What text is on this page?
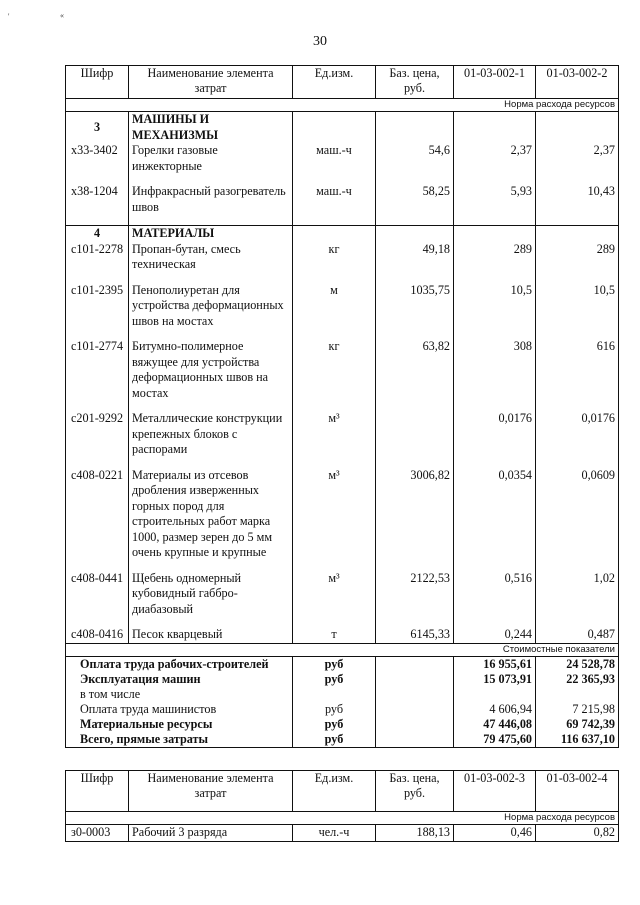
'	«
30
Шифр	Наименование элемента затрат	Ед.изм.	Баз. цена, руб.	01-03-002-1	01-03-002-2
Норма расхода ресурсов					
3	МАШИНЫ И МЕХАНИЗМЫ				
х33-3402	Горелки газовые инжекторные	маш.-ч	54,6	2,37	2,37

х38-1204	Инфракрасный разогреватель швов	маш.-ч	58,25	5,93	10,43

4	МАТЕРИАЛЫ				
с101-2278	Пропан-бутан, смесь техническая	кг	49,18	289	289

с101-2395	Пенополиуретан для устройства деформационных швов на мостах	м	1035,75	10,5	10,5

с101-2774	Битумно-полимерное вяжущее для устройства деформационных швов на мостах	кг	63,82	308	616

с201-9292	Металлические конструкции крепежных блоков с распорами	м³		0,0176	0,0176

с408-0221	Материалы из отсевов дробления изверженных горных пород для строительных работ марка 1000, размер зерен до 5 мм очень крупные и крупные	м³	3006,82	0,0354	0,0609

с408-0441	Щебень одномерный кубовидный габбро-диабазовый	м³	2122,53	0,516	1,02

с408-0416	Песок кварцевый	т	6145,33	0,244	0,487
Стоимостные показатели					
Оплата труда рабочих-строителей		руб		16 955,61	24 528,78
Эксплуатация машин		руб		15 073,91	22 365,93
в том числе					
Оплата труда машинистов		руб		4 606,94	7 215,98
Материальные ресурсы		руб		47 446,08	69 742,39
Всего, прямые затраты		руб		79 475,60	116 637,10
Шифр	Наименование элемента затрат	Ед.изм.	Баз. цена, руб.	01-03-002-3	01-03-002-4
Норма расхода ресурсов					
з0-0003	Рабочий 3 разряда	чел.-ч	188,13	0,46	0,82
